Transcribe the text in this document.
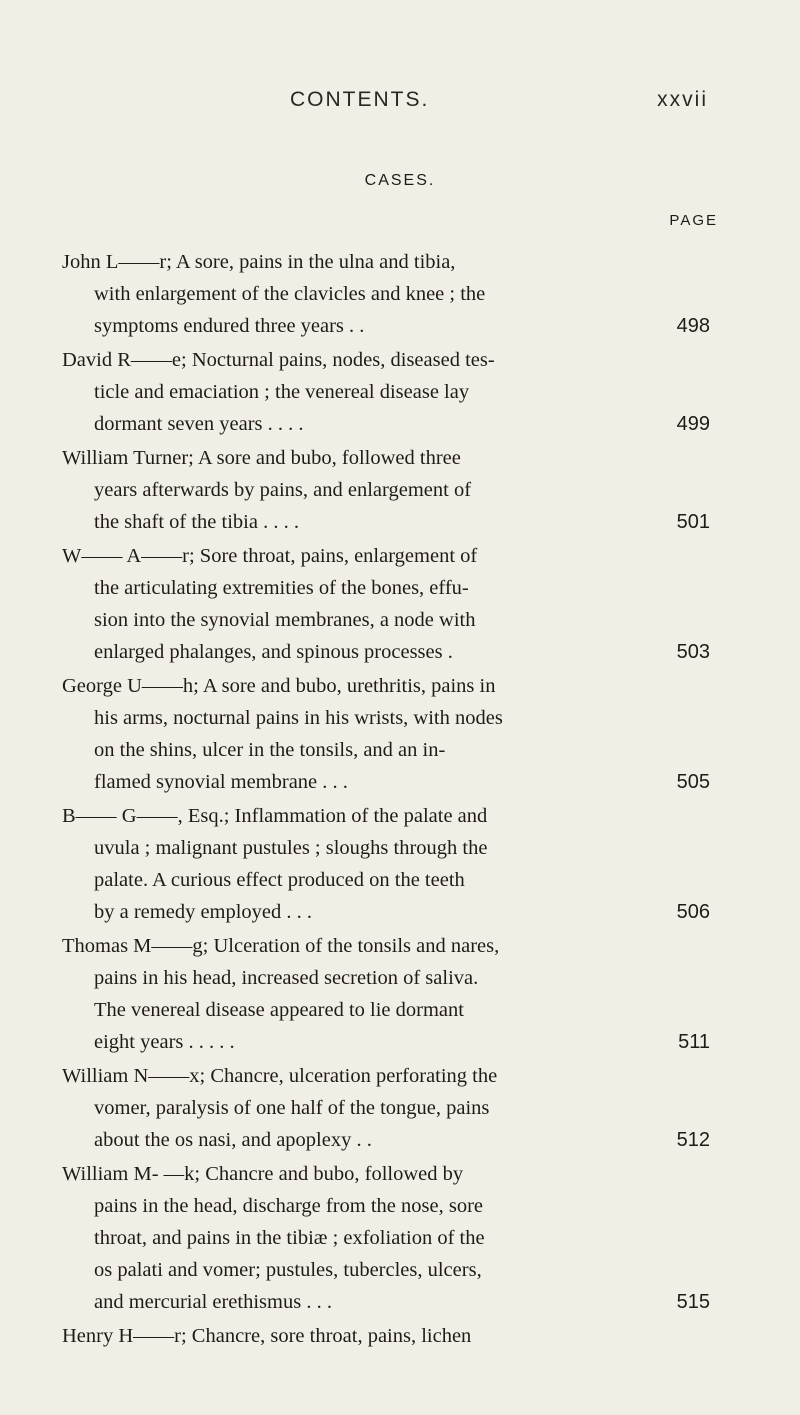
CONTENTS.	xxvii
CASES.
PAGE
John L——r; A sore, pains in the ulna and tibia,
with enlargement of the clavicles and knee ; the
symptoms endured three years . .	498
David R——e; Nocturnal pains, nodes, diseased tes-
ticle and emaciation ; the venereal disease lay
dormant seven years . . . .	499
William Turner; A sore and bubo, followed three
years afterwards by pains, and enlargement of
the shaft of the tibia . . . .	501
W—— A——r; Sore throat, pains, enlargement of
the articulating extremities of the bones, effu-
sion into the synovial membranes, a node with
enlarged phalanges, and spinous processes .	503
George U——h; A sore and bubo, urethritis, pains in
his arms, nocturnal pains in his wrists, with nodes
on the shins, ulcer in the tonsils, and an in-
flamed synovial membrane . . .	505
B—— G——, Esq.; Inflammation of the palate and
uvula ; malignant pustules ; sloughs through the
palate. A curious effect produced on the teeth
by a remedy employed . . .	506
Thomas M——g; Ulceration of the tonsils and nares,
pains in his head, increased secretion of saliva.
The venereal disease appeared to lie dormant
eight years . . . . .	511
William N——x; Chancre, ulceration perforating the
vomer, paralysis of one half of the tongue, pains
about the os nasi, and apoplexy . .	512
William M- —k; Chancre and bubo, followed by
pains in the head, discharge from the nose, sore
throat, and pains in the tibiæ ; exfoliation of the
os palati and vomer; pustules, tubercles, ulcers,
and mercurial erethismus . . .	515
Henry H——r; Chancre, sore throat, pains, lichen
